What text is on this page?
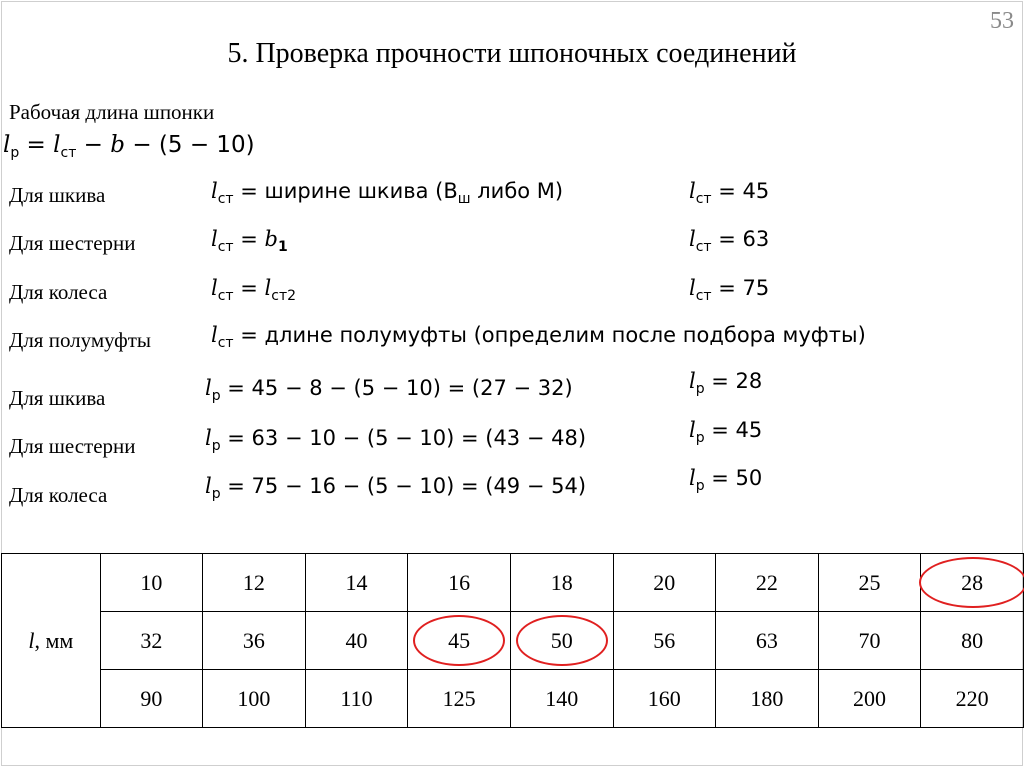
53
5. Проверка прочности шпоночных соединений
Рабочая длина шпонки
$l_р = l_{ст} - b - (5 - 10)$
Для шкива	$l_{ст}$ = ширине шкива ($В_ш$ либо М)	$l_{ст} = 45$
Для шестерни	$l_{ст} = b_1$	$l_{ст} = 63$
Для колеса	$l_{ст} = l_{ст2}$	$l_{ст} = 75$
Для полумуфты	$l_{ст}$ = длине полумуфты (определим после подбора муфты)
Для шкива	$l_р = 45 - 8 - (5 - 10) = (27 - 32)$	$l_р = 28$
Для шестерни	$l_р = 63 - 10 - (5 - 10) = (43 - 48)$	$l_р = 45$
Для колеса	$l_р = 75 - 16 - (5 - 10) = (49 - 54)$	$l_р = 50$
l, мм	10	12	14	16	18	20	22	25	28
	32	36	40	45	50	56	63	70	80
	90	100	110	125	140	160	180	200	220
